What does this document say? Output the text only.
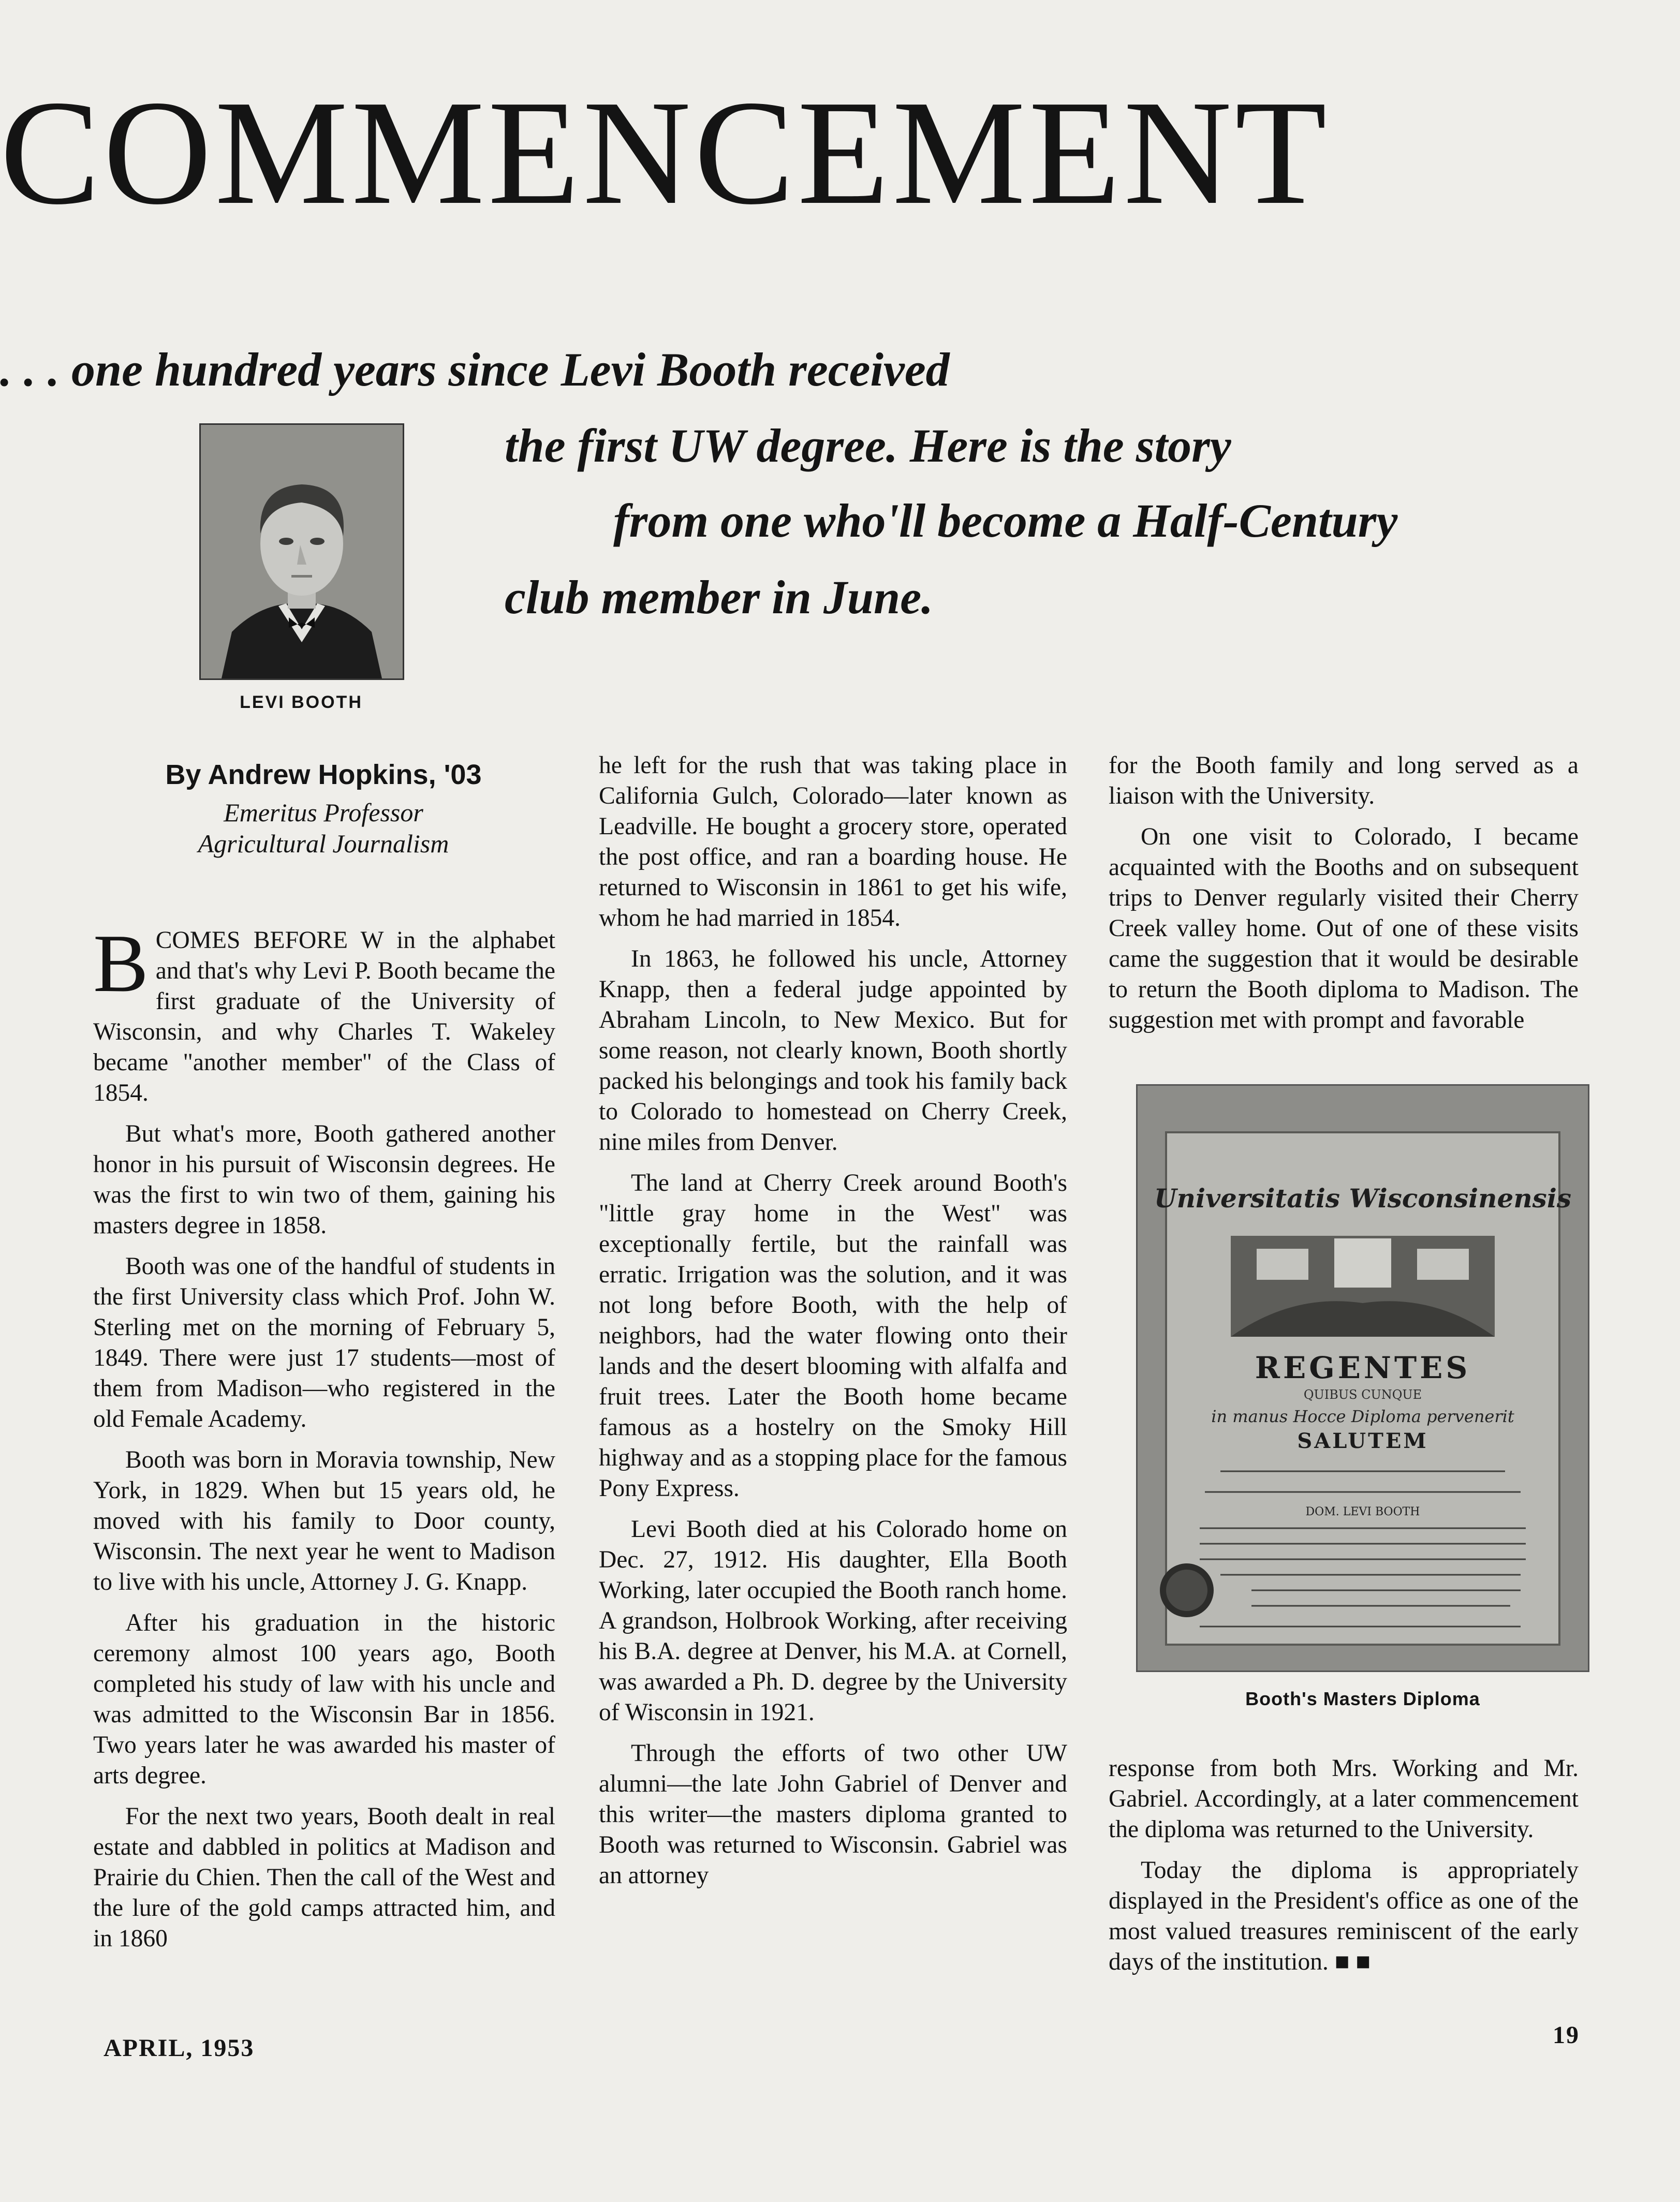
COMMENCEMENT

. . . one hundred years since Levi Booth received

the first UW degree. Here is the story

from one who'll become a Half-Century

club member in June.

LEVI BOOTH

By Andrew Hopkins, '03

Emeritus Professor

Agricultural Journalism

BCOMES BEFORE W in the alphabet and that's why Levi P. Booth became the first graduate of the University of Wisconsin, and why Charles T. Wakeley became "another member" of the Class of 1854.

But what's more, Booth gathered another honor in his pursuit of Wisconsin degrees. He was the first to win two of them, gaining his masters degree in 1858.

Booth was one of the handful of students in the first University class which Prof. John W. Sterling met on the morning of February 5, 1849. There were just 17 students—most of them from Madison—who registered in the old Female Academy.

Booth was born in Moravia township, New York, in 1829. When but 15 years old, he moved with his family to Door county, Wisconsin. The next year he went to Madison to live with his uncle, Attorney J. G. Knapp.

After his graduation in the historic ceremony almost 100 years ago, Booth completed his study of law with his uncle and was admitted to the Wisconsin Bar in 1856. Two years later he was awarded his master of arts degree.

For the next two years, Booth dealt in real estate and dabbled in politics at Madison and Prairie du Chien. Then the call of the West and the lure of the gold camps attracted him, and in 1860

he left for the rush that was taking place in California Gulch, Colorado—later known as Leadville. He bought a grocery store, operated the post office, and ran a boarding house. He returned to Wisconsin in 1861 to get his wife, whom he had married in 1854.

In 1863, he followed his uncle, Attorney Knapp, then a federal judge appointed by Abraham Lincoln, to New Mexico. But for some reason, not clearly known, Booth shortly packed his belongings and took his family back to Colorado to homestead on Cherry Creek, nine miles from Denver.

The land at Cherry Creek around Booth's "little gray home in the West" was exceptionally fertile, but the rainfall was erratic. Irrigation was the solution, and it was not long before Booth, with the help of neighbors, had the water flowing onto their lands and the desert blooming with alfalfa and fruit trees. Later the Booth home became famous as a hostelry on the Smoky Hill highway and as a stopping place for the famous Pony Express.

Levi Booth died at his Colorado home on Dec. 27, 1912. His daughter, Ella Booth Working, later occupied the Booth ranch home. A grandson, Holbrook Working, after receiving his B.A. degree at Denver, his M.A. at Cornell, was awarded a Ph. D. degree by the University of Wisconsin in 1921.

Through the efforts of two other UW alumni—the late John Gabriel of Denver and this writer—the masters diploma granted to Booth was returned to Wisconsin. Gabriel was an attorney

for the Booth family and long served as a liaison with the University.

On one visit to Colorado, I became acquainted with the Booths and on subsequent trips to Denver regularly visited their Cherry Creek valley home. Out of one of these visits came the suggestion that it would be desirable to return the Booth diploma to Madison. The suggestion met with prompt and favorable

Universitatis Wisconsinensis
REGENTES
QUIBUS CUNQUE
in manus Hocce Diploma pervenerit
SALUTEM
DOM. LEVI BOOTH
Booth's Masters Diploma

response from both Mrs. Working and Mr. Gabriel. Accordingly, at a later commencement the diploma was returned to the University.

Today the diploma is appropriately displayed in the President's office as one of the most valued treasures reminiscent of the early days of the institution. ■ ■

APRIL, 1953	19
